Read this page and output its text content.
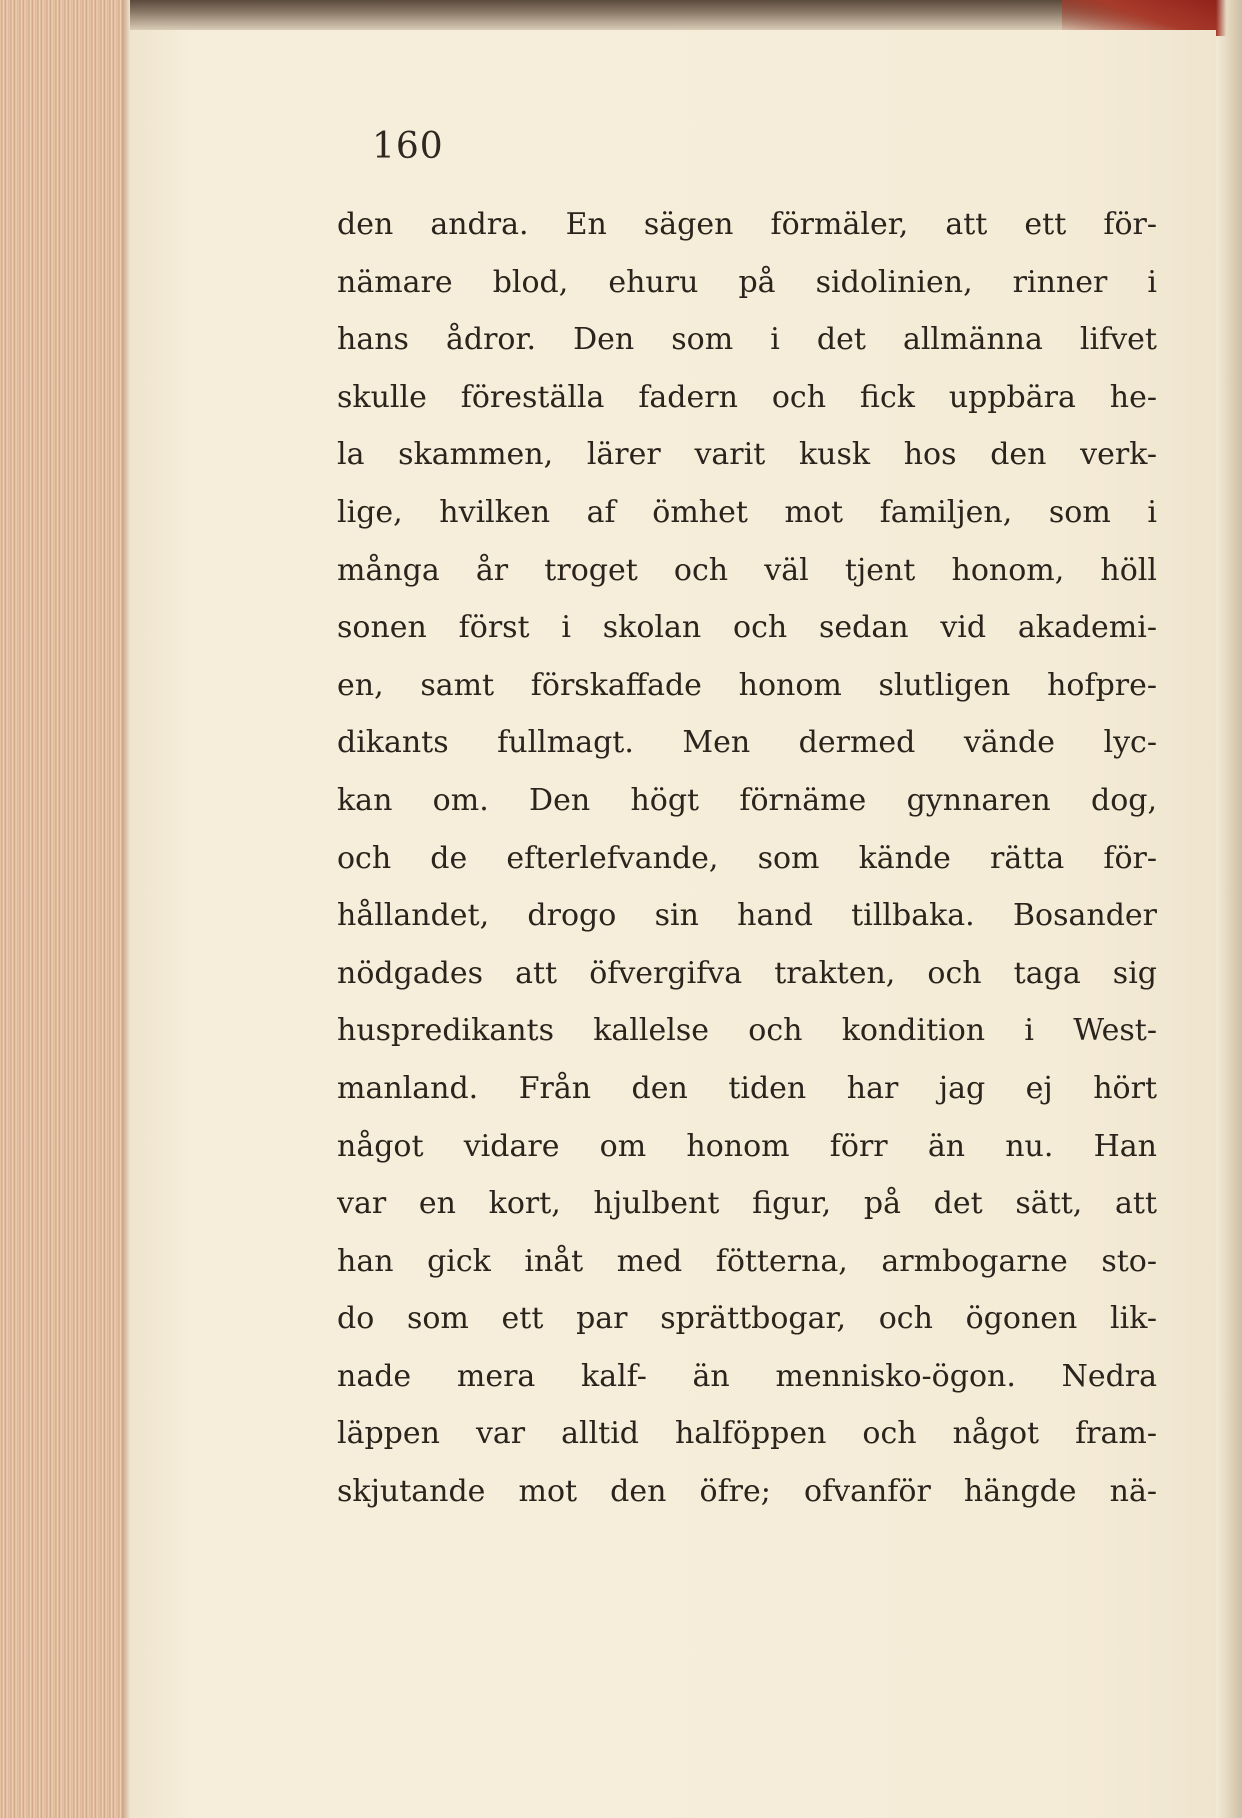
160
den andra. En sägen förmäler, att ett för-
nämare blod, ehuru på sidolinien, rinner i
hans ådror. Den som i det allmänna lifvet
skulle föreställa fadern och fick uppbära he-
la skammen, lärer varit kusk hos den verk-
lige, hvilken af ömhet mot familjen, som i
många år troget och väl tjent honom, höll
sonen först i skolan och sedan vid akademi-
en, samt förskaffade honom slutligen hofpre-
dikants fullmagt. Men dermed vände lyc-
kan om. Den högt förnäme gynnaren dog,
och de efterlefvande, som kände rätta för-
hållandet, drogo sin hand tillbaka. Bosander
nödgades att öfvergifva trakten, och taga sig
huspredikants kallelse och kondition i West-
manland. Från den tiden har jag ej hört
något vidare om honom förr än nu. Han
var en kort, hjulbent figur, på det sätt, att
han gick inåt med fötterna, armbogarne sto-
do som ett par sprättbogar, och ögonen lik-
nade mera kalf- än mennisko-ögon. Nedra
läppen var alltid halföppen och något fram-
skjutande mot den öfre; ofvanför hängde nä-
